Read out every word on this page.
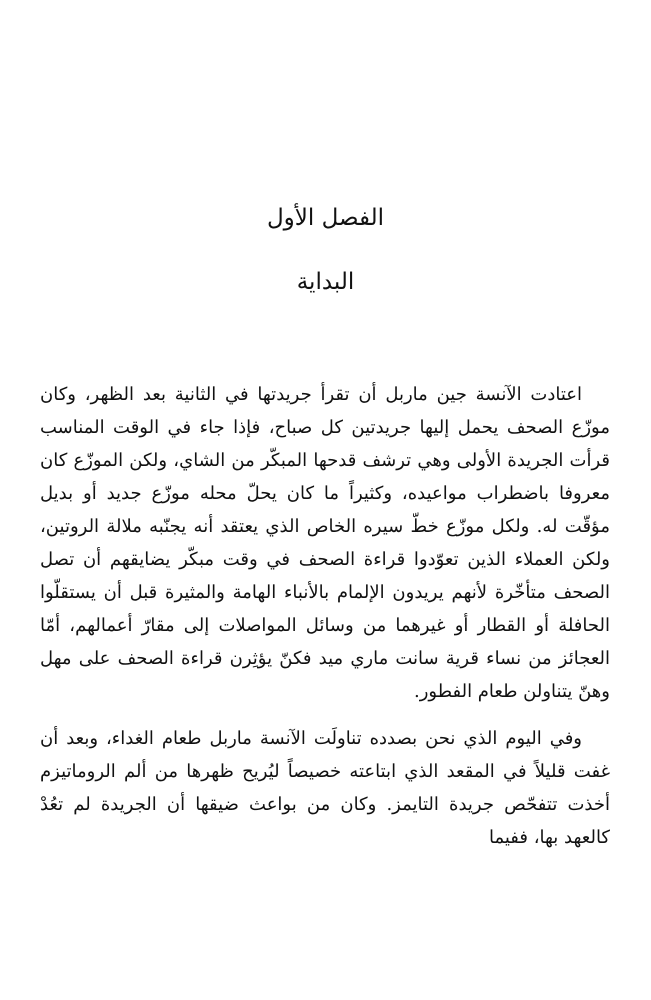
الفصل الأول
البداية

اعتادت الآنسة جين ماربل أن تقرأ جريدتها في الثانية بعد الظهر، وكان موزّع الصحف يحمل إليها جريدتين كل صباح، فإذا جاء في الوقت المناسب قرأت الجريدة الأولى وهي ترشف قدحها المبكّر من الشاي، ولكن الموزّع كان معروفا باضطراب مواعيده، وكثيراً ما كان يحلّ محله موزّع جديد أو بديل مؤقّت له. ولكل موزّع خطّ سيره الخاص الذي يعتقد أنه يجنّبه ملالة الروتين، ولكن العملاء الذين تعوّدوا قراءة الصحف في وقت مبكّر يضايقهم أن تصل الصحف متأخّرة لأنهم يريدون الإلمام بالأنباء الهامة والمثيرة قبل أن يستقلّوا الحافلة أو القطار أو غيرهما من وسائل المواصلات إلى مقارّ أعمالهم، أمّا العجائز من نساء قرية سانت ماري ميد فكنّ يؤثِرن قراءة الصحف على مهل وهنّ يتناولن طعام الفطور.

وفي اليوم الذي نحن بصدده تناولَت الآنسة ماربل طعام الغداء، وبعد أن غفت قليلاً في المقعد الذي ابتاعته خصيصاً ليُريح ظهرها من ألم الروماتيزم أخذت تتفحّص جريدة التايمز. وكان من بواعث ضيقها أن الجريدة لم تعُدْ كالعهد بها، ففيما
